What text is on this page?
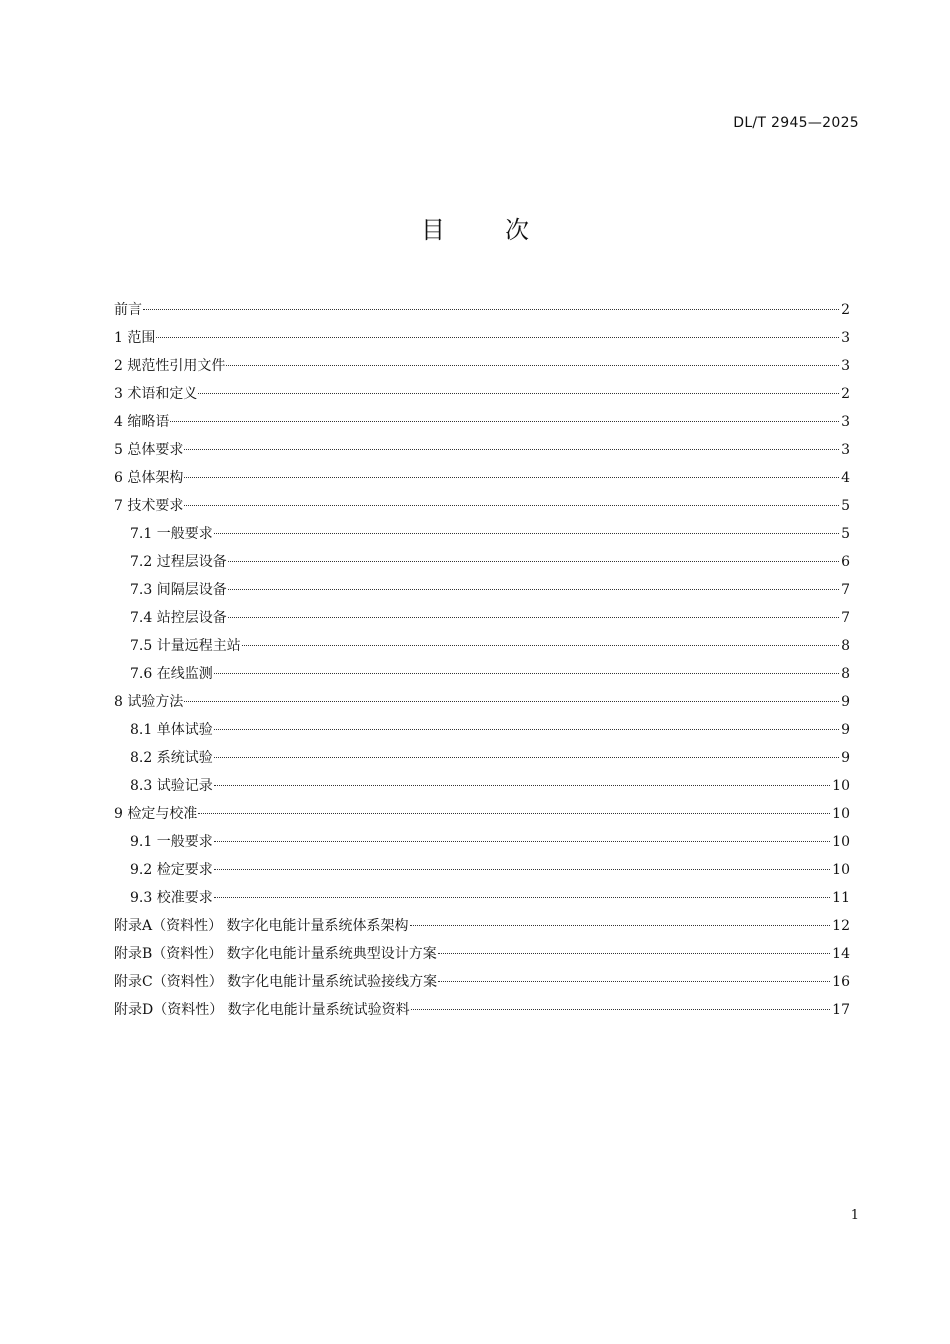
DL/T 2945—2025
目次
前言	2
1 范围	3
2 规范性引用文件	3
3 术语和定义	2
4 缩略语	3
5 总体要求	3
6 总体架构	4
7 技术要求	5
7.1 一般要求	5
7.2 过程层设备	6
7.3 间隔层设备	7
7.4 站控层设备	7
7.5 计量远程主站	8
7.6 在线监测	8
8 试验方法	9
8.1 单体试验	9
8.2 系统试验	9
8.3 试验记录	10
9 检定与校准	10
9.1 一般要求	10
9.2 检定要求	10
9.3 校准要求	11
附录A（资料性） 数字化电能计量系统体系架构	12
附录B（资料性） 数字化电能计量系统典型设计方案	14
附录C（资料性） 数字化电能计量系统试验接线方案	16
附录D（资料性） 数字化电能计量系统试验资料	17
1
